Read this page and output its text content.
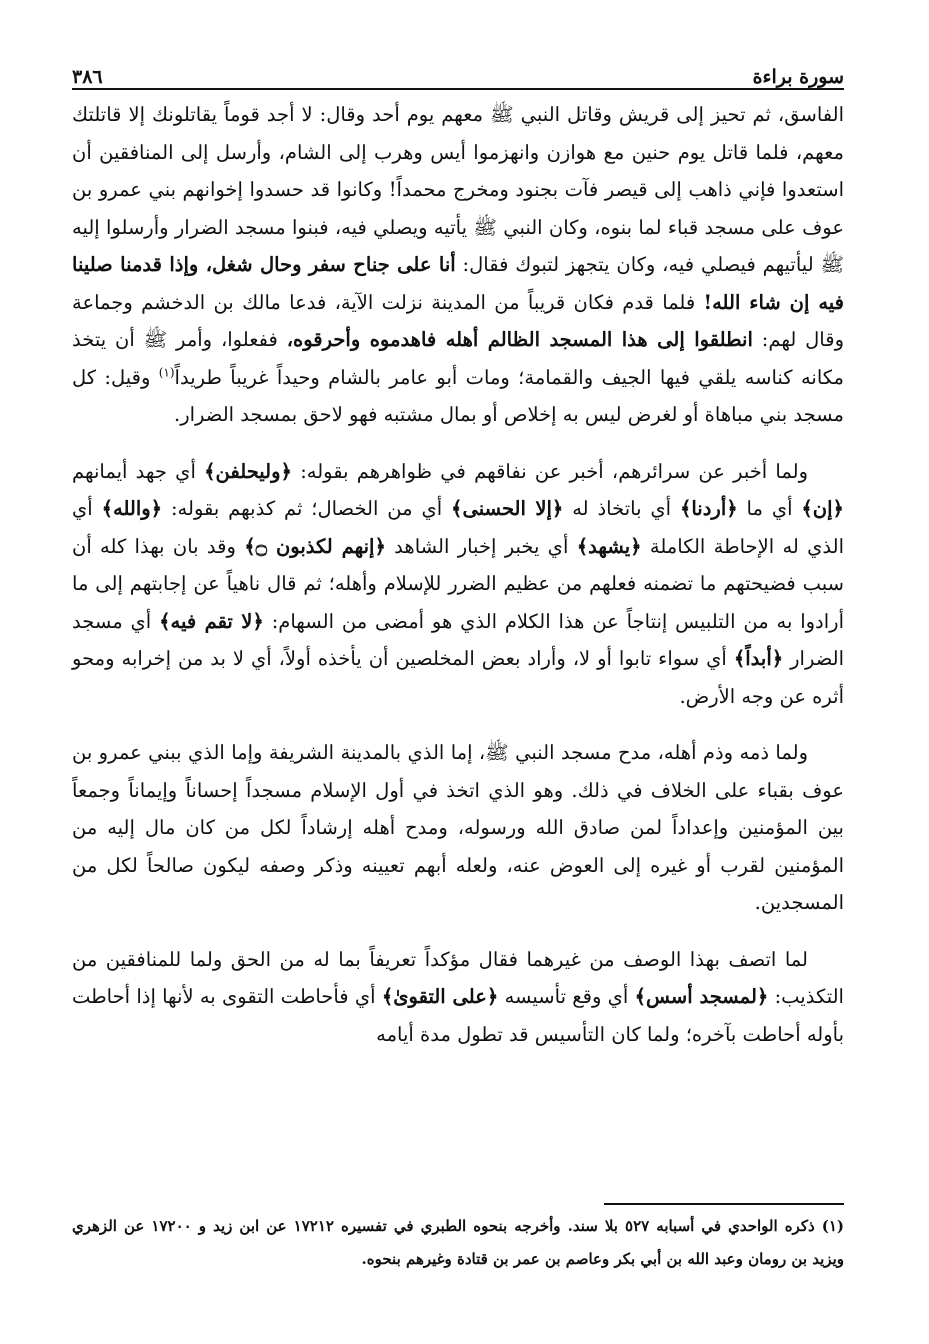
٣٨٦	سورة براءة

الفاسق، ثم تحيز إلى قريش وقاتل النبي ﷺ معهم يوم أحد وقال: لا أجد قوماً يقاتلونك إلا قاتلتك معهم، فلما قاتل يوم حنين مع هوازن وانهزموا أيس وهرب إلى الشام، وأرسل إلى المنافقين أن استعدوا فإني ذاهب إلى قيصر فآت بجنود ومخرج محمداً! وكانوا قد حسدوا إخوانهم بني عمرو بن عوف على مسجد قباء لما بنوه، وكان النبي ﷺ يأتيه ويصلي فيه، فبنوا مسجد الضرار وأرسلوا إليه ﷺ ليأتيهم فيصلي فيه، وكان يتجهز لتبوك فقال: أنا على جناح سفر وحال شغل، وإذا قدمنا صلينا فيه إن شاء الله! فلما قدم فكان قريباً من المدينة نزلت الآية، فدعا مالك بن الدخشم وجماعة وقال لهم: انطلقوا إلى هذا المسجد الظالم أهله فاهدموه وأحرقوه، ففعلوا، وأمر ﷺ أن يتخذ مكانه كناسه يلقي فيها الجيف والقمامة؛ ومات أبو عامر بالشام وحيداً غريباً طريداً$^{(١)}$ وقيل: كل مسجد بني مباهاة أو لغرض ليس به إخلاص أو بمال مشتبه فهو لاحق بمسجد الضرار.

ولما أخبر عن سرائرهم، أخبر عن نفاقهم في ظواهرهم بقوله: ﴿وليحلفن﴾ أي جهد أيمانهم ﴿إن﴾ أي ما ﴿أردنا﴾ أي باتخاذ له ﴿إلا الحسنى﴾ أي من الخصال؛ ثم كذبهم بقوله: ﴿والله﴾ أي الذي له الإحاطة الكاملة ﴿يشهد﴾ أي يخبر إخبار الشاهد ﴿إنهم لكذبون ۝﴾ وقد بان بهذا كله أن سبب فضيحتهم ما تضمنه فعلهم من عظيم الضرر للإسلام وأهله؛ ثم قال ناهياً عن إجابتهم إلى ما أرادوا به من التلبيس إنتاجاً عن هذا الكلام الذي هو أمضى من السهام: ﴿لا تقم فيه﴾ أي مسجد الضرار ﴿أبداً﴾ أي سواء تابوا أو لا، وأراد بعض المخلصين أن يأخذه أولاً، أي لا بد من إخرابه ومحو أثره عن وجه الأرض.

ولما ذمه وذم أهله، مدح مسجد النبي ﷺ، إما الذي بالمدينة الشريفة وإما الذي ببني عمرو بن عوف بقباء على الخلاف في ذلك. وهو الذي اتخذ في أول الإسلام مسجداً إحساناً وإيماناً وجمعاً بين المؤمنين وإعداداً لمن صادق الله ورسوله، ومدح أهله إرشاداً لكل من كان مال إليه من المؤمنين لقرب أو غيره إلى العوض عنه، ولعله أبهم تعيينه وذكر وصفه ليكون صالحاً لكل من المسجدين.

لما اتصف بهذا الوصف من غيرهما فقال مؤكداً تعريفاً بما له من الحق ولما للمنافقين من التكذيب: ﴿لمسجد أسس﴾ أي وقع تأسيسه ﴿على التقوىٰ﴾ أي فأحاطت التقوى به لأنها إذا أحاطت بأوله أحاطت بآخره؛ ولما كان التأسيس قد تطول مدة أيامه

(١) ذكره الواحدي في أسبابه ٥٢٧ بلا سند. وأخرجه بنحوه الطبري في تفسيره ١٧٢١٢ عن ابن زيد و ١٧٢٠٠ عن الزهري ويزيد بن رومان وعبد الله بن أبي بكر وعاصم بن عمر بن قتادة وغيرهم بنحوه.
